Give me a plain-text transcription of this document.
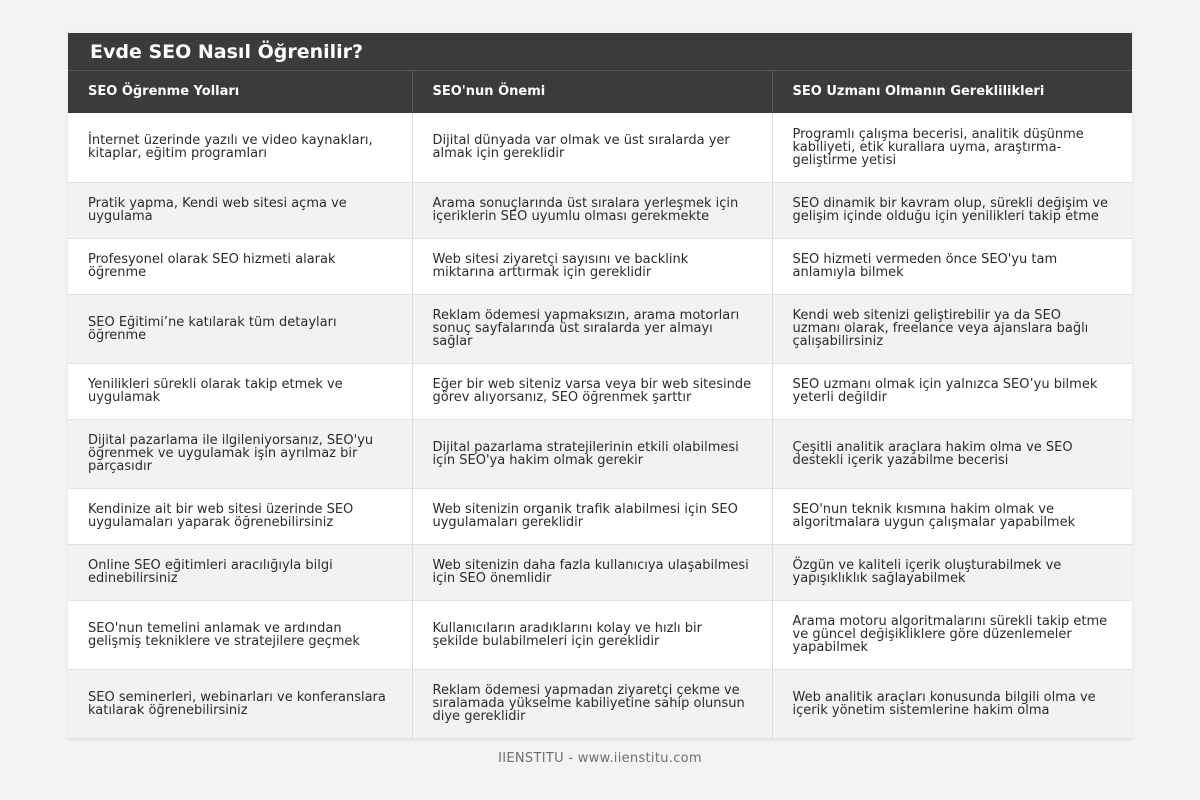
Evde SEO Nasıl Öğrenilir?
SEO Öğrenme Yolları	SEO'nun Önemi	SEO Uzmanı Olmanın Gereklilikleri
İnternet üzerinde yazılı ve video kaynakları, kitaplar, eğitim programları	Dijital dünyada var olmak ve üst sıralarda yer almak için gereklidir	Programlı çalışma becerisi, analitik düşünme kabiliyeti, etik kurallara uyma, araştırma-geliştirme yetisi
Pratik yapma, Kendi web sitesi açma ve uygulama	Arama sonuçlarında üst sıralara yerleşmek için içeriklerin SEO uyumlu olması gerekmekte	SEO dinamik bir kavram olup, sürekli değişim ve gelişim içinde olduğu için yenilikleri takip etme
Profesyonel olarak SEO hizmeti alarak öğrenme	Web sitesi ziyaretçi sayısını ve backlink miktarına arttırmak için gereklidir	SEO hizmeti vermeden önce SEO'yu tam anlamıyla bilmek
SEO Eğitimi’ne katılarak tüm detayları öğrenme	Reklam ödemesi yapmaksızın, arama motorları sonuç sayfalarında üst sıralarda yer almayı sağlar	Kendi web sitenizi geliştirebilir ya da SEO uzmanı olarak, freelance veya ajanslara bağlı çalışabilirsiniz
Yenilikleri sürekli olarak takip etmek ve uygulamak	Eğer bir web siteniz varsa veya bir web sitesinde görev alıyorsanız, SEO öğrenmek şarttır	SEO uzmanı olmak için yalnızca SEO’yu bilmek yeterli değildir
Dijital pazarlama ile ilgileniyorsanız, SEO'yu öğrenmek ve uygulamak işin ayrılmaz bir parçasıdır	Dijital pazarlama stratejilerinin etkili olabilmesi için SEO'ya hakim olmak gerekir	Çeşitli analitik araçlara hakim olma ve SEO destekli içerik yazabilme becerisi
Kendinize ait bir web sitesi üzerinde SEO uygulamaları yaparak öğrenebilirsiniz	Web sitenizin organik trafik alabilmesi için SEO uygulamaları gereklidir	SEO'nun teknik kısmına hakim olmak ve algoritmalara uygun çalışmalar yapabilmek
Online SEO eğitimleri aracılığıyla bilgi edinebilirsiniz	Web sitenizin daha fazla kullanıcıya ulaşabilmesi için SEO önemlidir	Özgün ve kaliteli içerik oluşturabilmek ve yapışıklıklık sağlayabilmek
SEO'nun temelini anlamak ve ardından gelişmiş tekniklere ve stratejilere geçmek	Kullanıcıların aradıklarını kolay ve hızlı bir şekilde bulabilmeleri için gereklidir	Arama motoru algoritmalarını sürekli takip etme ve güncel değişikliklere göre düzenlemeler yapabilmek
SEO seminerleri, webinarları ve konferanslara katılarak öğrenebilirsiniz	Reklam ödemesi yapmadan ziyaretçi çekme ve sıralamada yükselme kabiliyetine sahip olunsun diye gereklidir	Web analitik araçları konusunda bilgili olma ve içerik yönetim sistemlerine hakim olma
IIENSTITU - www.iienstitu.com
